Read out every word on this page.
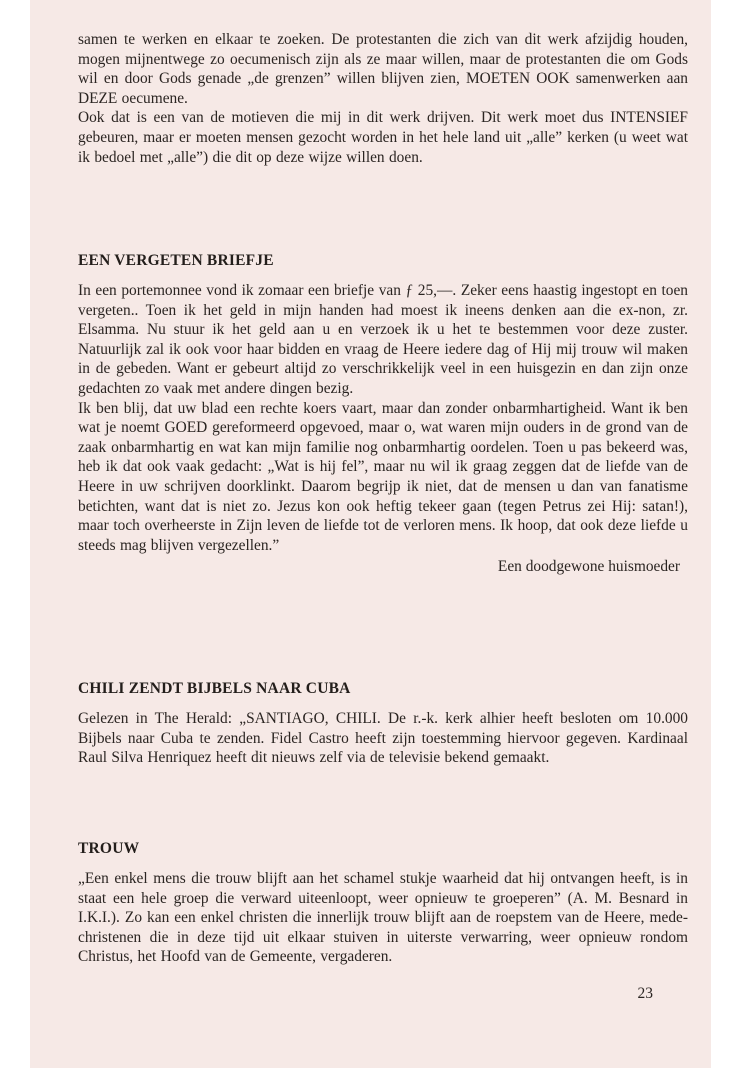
samen te werken en elkaar te zoeken. De protestanten die zich van dit werk afzijdig houden, mogen mijnentwege zo oecumenisch zijn als ze maar willen, maar de protestanten die om Gods wil en door Gods genade „de grenzen” willen blijven zien, MOETEN OOK samenwerken aan DEZE oecumene.

Ook dat is een van de motieven die mij in dit werk drijven. Dit werk moet dus INTENSIEF gebeuren, maar er moeten mensen gezocht worden in het hele land uit „alle” kerken (u weet wat ik bedoel met „alle”) die dit op deze wijze willen doen.

EEN VERGETEN BRIEFJE

In een portemonnee vond ik zomaar een briefje van ƒ 25,—. Zeker eens haastig ingestopt en toen vergeten.. Toen ik het geld in mijn handen had moest ik ineens denken aan die ex-non, zr. Elsamma. Nu stuur ik het geld aan u en verzoek ik u het te bestemmen voor deze zuster. Natuurlijk zal ik ook voor haar bidden en vraag de Heere iedere dag of Hij mij trouw wil maken in de gebeden. Want er gebeurt altijd zo verschrikkelijk veel in een huisgezin en dan zijn onze gedachten zo vaak met andere dingen bezig.

Ik ben blij, dat uw blad een rechte koers vaart, maar dan zonder onbarmhartigheid. Want ik ben wat je noemt GOED gereformeerd opgevoed, maar o, wat waren mijn ouders in de grond van de zaak onbarmhartig en wat kan mijn familie nog onbarmhartig oordelen. Toen u pas bekeerd was, heb ik dat ook vaak gedacht: „Wat is hij fel”, maar nu wil ik graag zeggen dat de liefde van de Heere in uw schrijven doorklinkt. Daarom begrijp ik niet, dat de mensen u dan van fanatisme betichten, want dat is niet zo. Jezus kon ook heftig tekeer gaan (tegen Petrus zei Hij: satan!), maar toch overheerste in Zijn leven de liefde tot de verloren mens. Ik hoop, dat ook deze liefde u steeds mag blijven vergezellen.”

Een doodgewone huismoeder

CHILI ZENDT BIJBELS NAAR CUBA

Gelezen in The Herald: „SANTIAGO, CHILI. De r.-k. kerk alhier heeft besloten om 10.000 Bijbels naar Cuba te zenden. Fidel Castro heeft zijn toestemming hiervoor gegeven. Kardinaal Raul Silva Henriquez heeft dit nieuws zelf via de televisie bekend gemaakt.

TROUW

„Een enkel mens die trouw blijft aan het schamel stukje waarheid dat hij ontvangen heeft, is in staat een hele groep die verward uiteenloopt, weer opnieuw te groeperen” (A. M. Besnard in I.K.I.). Zo kan een enkel christen die innerlijk trouw blijft aan de roepstem van de Heere, mede-christenen die in deze tijd uit elkaar stuiven in uiterste verwarring, weer opnieuw rondom Christus, het Hoofd van de Gemeente, vergaderen.

23
